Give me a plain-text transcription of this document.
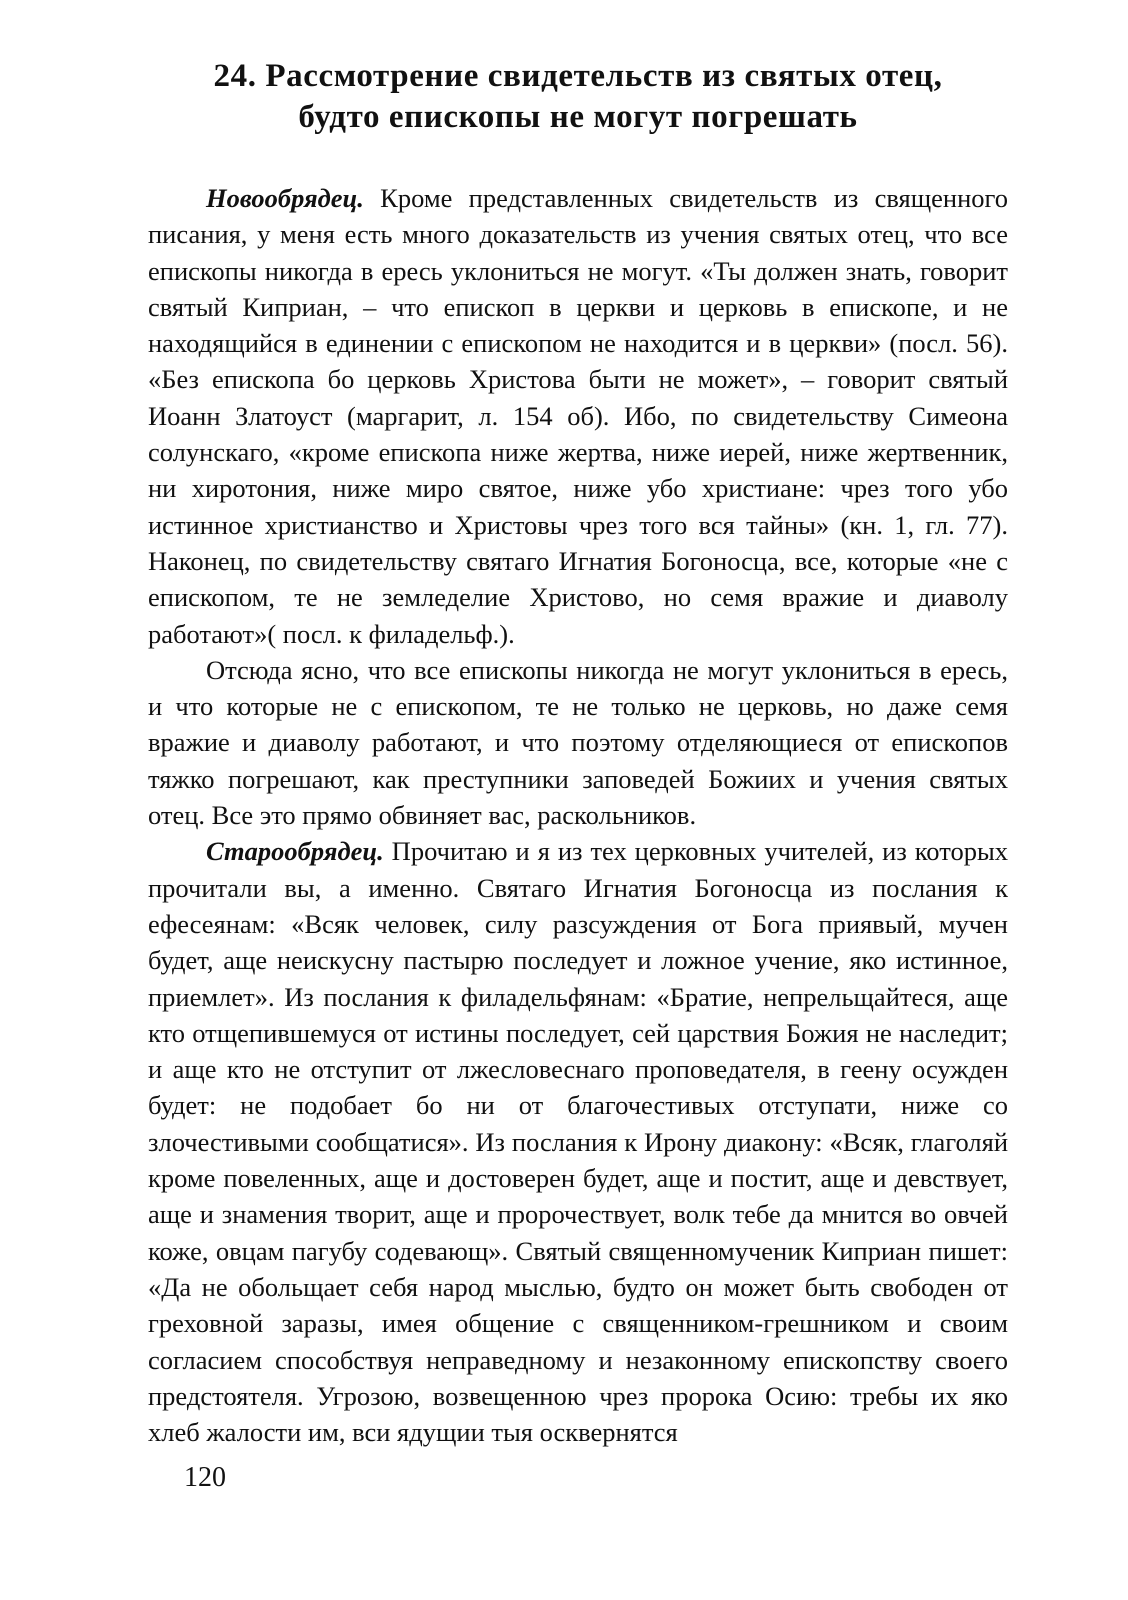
24. Рассмотрение свидетельств из святых отец,
будто епископы не могут погрешать

Новообрядец. Кроме представленных свидетельств из священного писания, у меня есть много доказательств из учения святых отец, что все епископы никогда в ересь уклониться не могут. «Ты должен знать, говорит святый Киприан, – что епископ в церкви и церковь в епископе, и не находящийся в единении с епископом не находится и в церкви» (посл. 56). «Без епископа бо церковь Христова быти не может», – говорит святый Иоанн Златоуст (маргарит, л. 154 об). Ибо, по свидетельству Симеона солунскаго, «кроме епископа ниже жертва, ниже иерей, ниже жертвенник, ни хиротония, ниже миро святое, ниже убо христиане: чрез того убо истинное христианство и Христовы чрез того вся тайны» (кн. 1, гл. 77). Наконец, по свидетельству святаго Игнатия Богоносца, все, которые «не с епископом, те не земледелие Христово, но семя вражие и диаволу работают»( посл. к филадельф.).

Отсюда ясно, что все епископы никогда не могут уклониться в ересь, и что которые не с епископом, те не только не церковь, но даже семя вражие и диаволу работают, и что поэтому отделяющиеся от епископов тяжко погрешают, как преступники заповедей Божиих и учения святых отец. Все это прямо обвиняет вас, раскольников.

Старообрядец. Прочитаю и я из тех церковных учителей, из которых прочитали вы, а именно. Святаго Игнатия Богоносца из послания к ефесеянам: «Всяк человек, силу разсуждения от Бога приявый, мучен будет, аще неискусну пастырю последует и ложное учение, яко истинное, приемлет». Из послания к филадельфянам: «Братие, непрельщайтеся, аще кто отщепившемуся от истины последует, сей царствия Божия не наследит; и аще кто не отступит от лжесловеснаго проповедателя, в геену осужден будет: не подобает бо ни от благочестивых отступати, ниже со злочестивыми сообщатися». Из послания к Ирону диакону: «Всяк, глаголяй кроме повеленных, аще и достоверен будет, аще и постит, аще и девствует, аще и знамения творит, аще и пророчествует, волк тебе да мнится во овчей коже, овцам пагубу содевающ». Святый священномученик Киприан пишет: «Да не обольщает себя народ мыслью, будто он может быть свободен от греховной заразы, имея общение с священником-грешником и своим согласием способствуя неправедному и незаконному епископству своего предстоятеля. Угрозою, возвещенною чрез пророка Осию: требы их яко хлеб жалости им, вси ядущии тыя осквернятся

120
